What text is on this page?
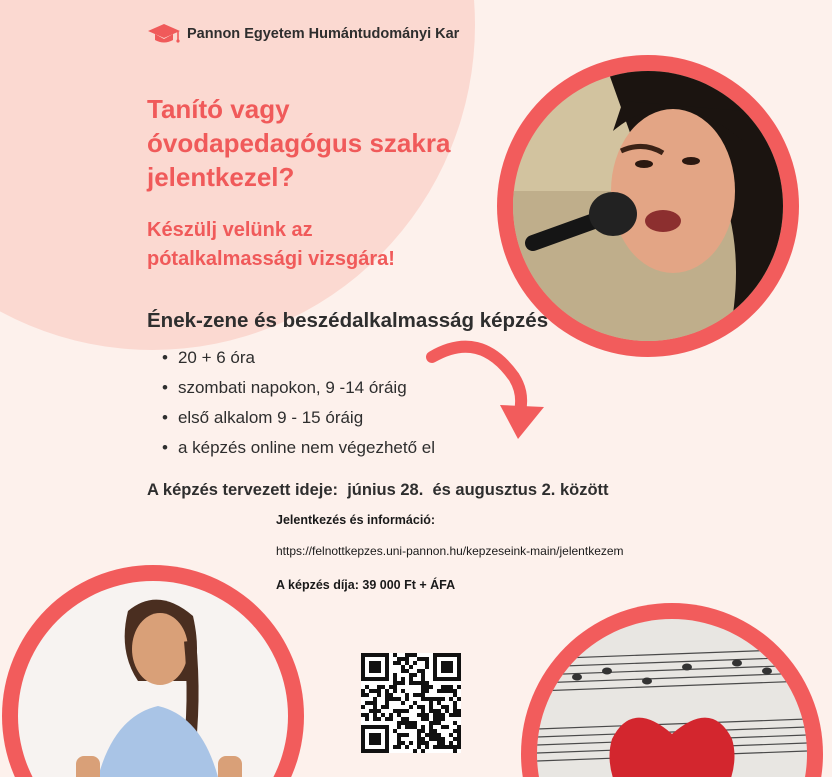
Pannon Egyetem Humántudományi Kar
Tanító vagy óvodapedagógus szakra jelentkezel?
Készülj velünk az pótalkalmassági vizsgára!
Ének-zene és beszédalkalmasság képzés
• 20 + 6 óra
• szombati napokon, 9 -14 óráig
• első alkalom 9 - 15 óráig
• a képzés online nem végezhető el
A képzés tervezett ideje:  június 28.  és augusztus 2. között
Jelentkezés és információ:
https://felnottkepzes.uni-pannon.hu/kepzeseink-main/jelentkezem
A képzés díja: 39 000 Ft + ÁFA
